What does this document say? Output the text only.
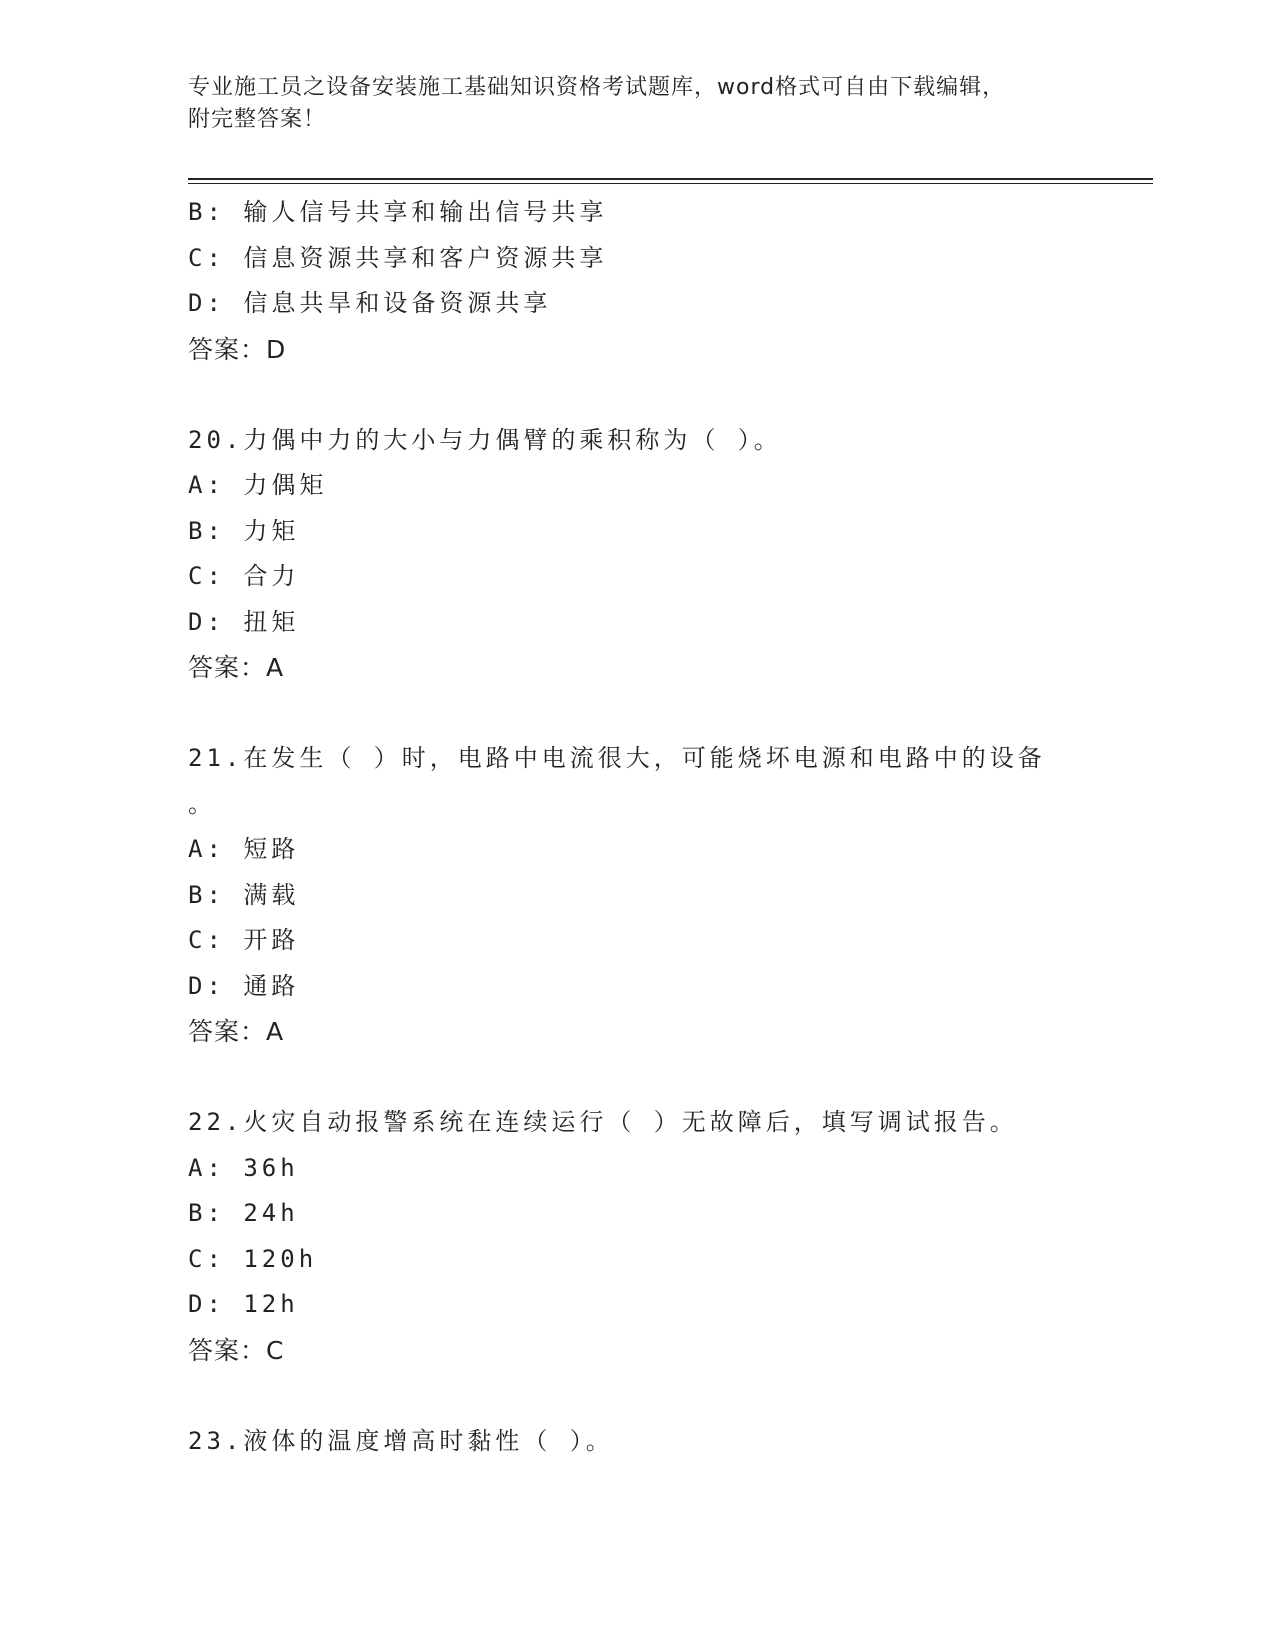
专业施工员之设备安装施工基础知识资格考试题库，word格式可自由下载编辑，
附完整答案！
B: 输人信号共享和输出信号共享
C: 信息资源共享和客户资源共享
D: 信息共旱和设备资源共享
答案：D
20.力偶中力的大小与力偶臂的乘积称为（ ）。
A: 力偶矩
B: 力矩
C: 合力
D: 扭矩
答案：A
21.在发生（ ）时，电路中电流很大，可能烧坏电源和电路中的设备
。
A: 短路
B: 满载
C: 开路
D: 通路
答案：A
22.火灾自动报警系统在连续运行（ ）无故障后，填写调试报告。
A: 36h
B: 24h
C: 120h
D: 12h
答案：C
23.液体的温度增高时黏性（ ）。
